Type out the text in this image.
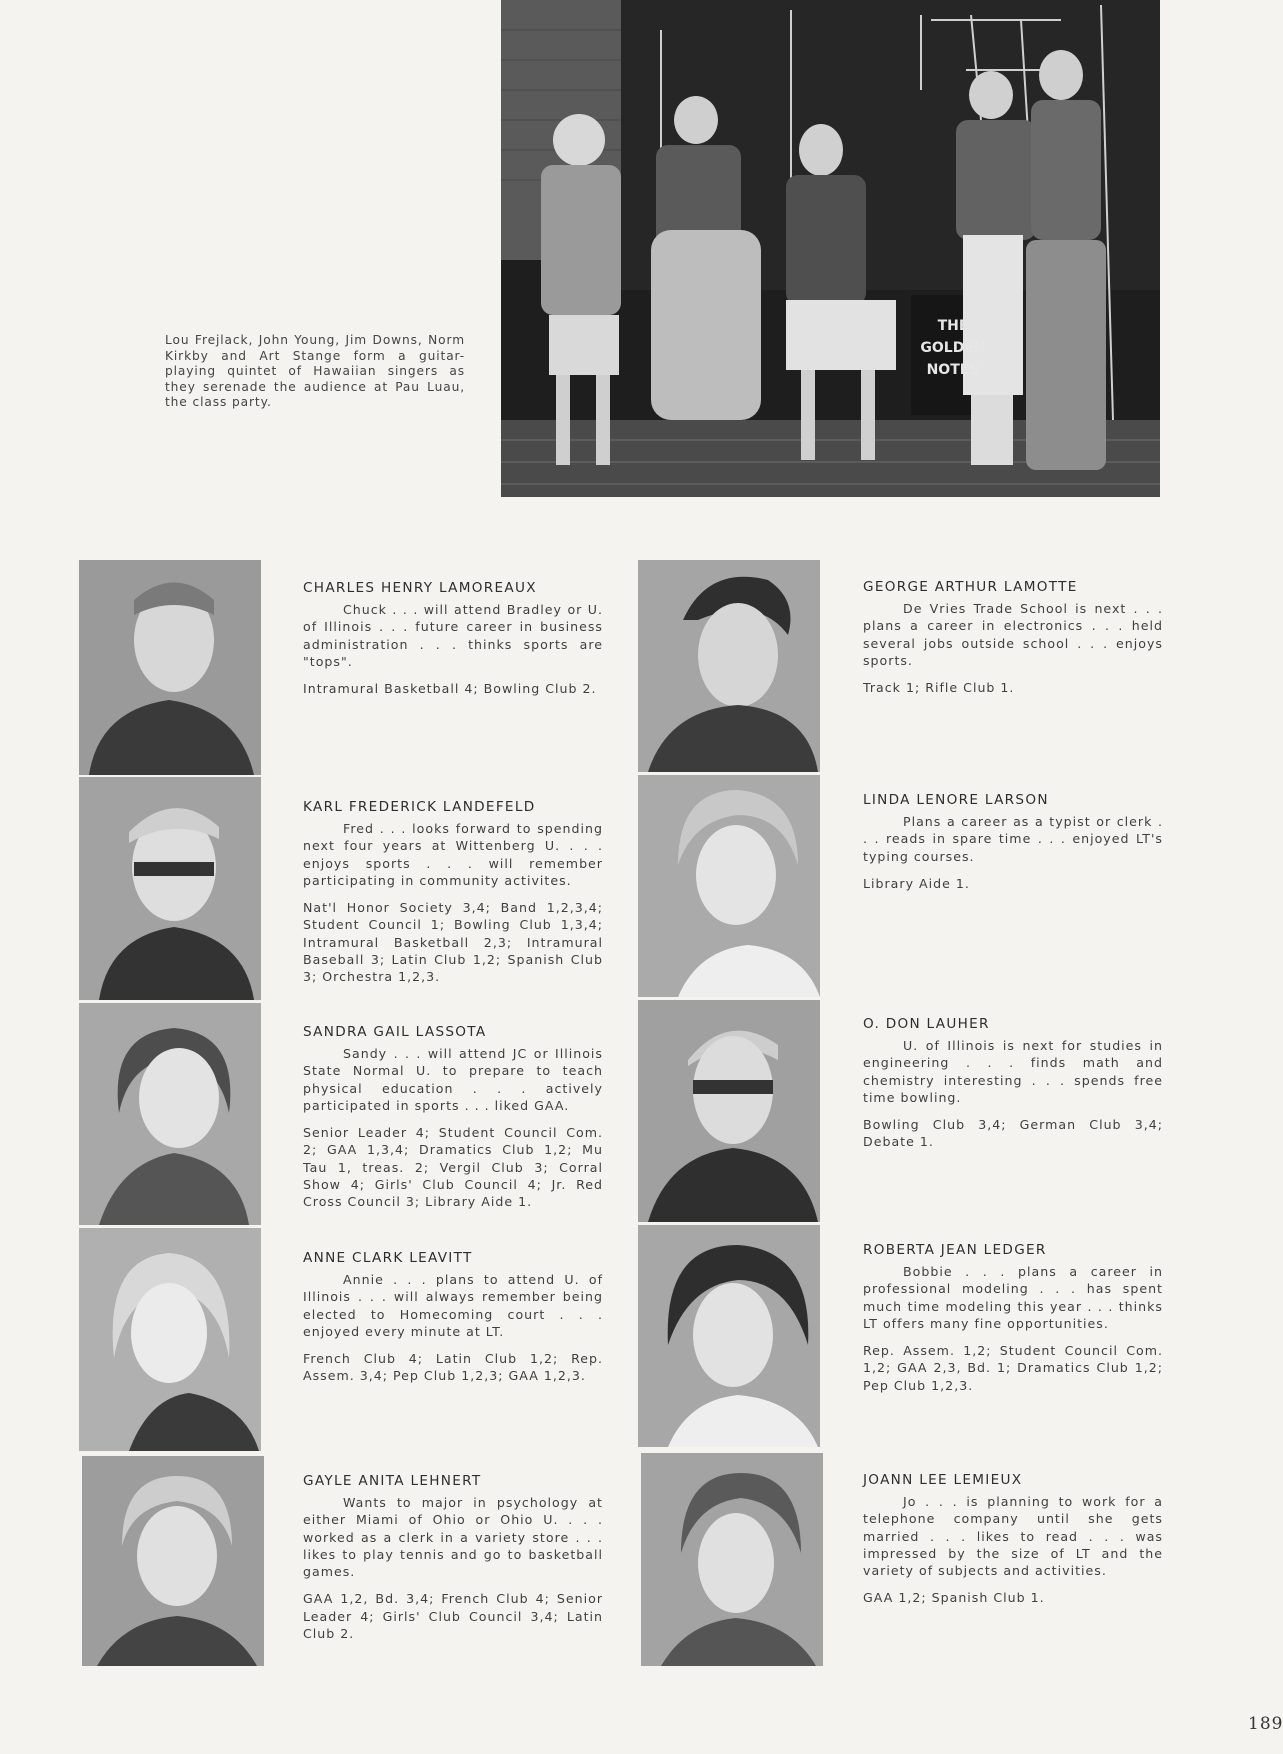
Lou Frejlack, John Young, Jim Downs, Norm Kirkby and Art Stange form a guitar-playing quintet of Hawaiian singers as they serenade the audience at Pau Luau, the class party.
THE
GOLDEN
NOTES

CHARLES HENRY LAMOREAUX

Chuck . . . will attend Bradley or U. of Illinois . . . future career in business administration . . . thinks sports are "tops".

Intramural Basketball 4; Bowling Club 2.

KARL FREDERICK LANDEFELD

Fred . . . looks forward to spending next four years at Wittenberg U. . . . enjoys sports . . . will remember participating in community activites.

Nat'l Honor Society 3,4; Band 1,2,3,4; Student Council 1; Bowling Club 1,3,4; Intramural Basketball 2,3; Intramural Baseball 3; Latin Club 1,2; Spanish Club 3; Orchestra 1,2,3.

SANDRA GAIL LASSOTA

Sandy . . . will attend JC or Illinois State Normal U. to prepare to teach physical education . . . actively participated in sports . . . liked GAA.

Senior Leader 4; Student Council Com. 2; GAA 1,3,4; Dramatics Club 1,2; Mu Tau 1, treas. 2; Vergil Club 3; Corral Show 4; Girls' Club Council 4; Jr. Red Cross Council 3; Library Aide 1.

ANNE CLARK LEAVITT

Annie . . . plans to attend U. of Illinois . . . will always remember being elected to Homecoming court . . . enjoyed every minute at LT.

French Club 4; Latin Club 1,2; Rep. Assem. 3,4; Pep Club 1,2,3; GAA 1,2,3.

GAYLE ANITA LEHNERT

Wants to major in psychology at either Miami of Ohio or Ohio U. . . . worked as a clerk in a variety store . . . likes to play tennis and go to basketball games.

GAA 1,2, Bd. 3,4; French Club 4; Senior Leader 4; Girls' Club Council 3,4; Latin Club 2.

GEORGE ARTHUR LAMOTTE

De Vries Trade School is next . . . plans a career in electronics . . . held several jobs outside school . . . enjoys sports.

Track 1; Rifle Club 1.

LINDA LENORE LARSON

Plans a career as a typist or clerk . . . reads in spare time . . . enjoyed LT's typing courses.

Library Aide 1.

O. DON LAUHER

U. of Illinois is next for studies in engineering . . . finds math and chemistry interesting . . . spends free time bowling.

Bowling Club 3,4; German Club 3,4; Debate 1.

ROBERTA JEAN LEDGER

Bobbie . . . plans a career in professional modeling . . . has spent much time modeling this year . . . thinks LT offers many fine opportunities.

Rep. Assem. 1,2; Student Council Com. 1,2; GAA 2,3, Bd. 1; Dramatics Club 1,2; Pep Club 1,2,3.

JOANN LEE LEMIEUX

Jo . . . is planning to work for a telephone company until she gets married . . . likes to read . . . was impressed by the size of LT and the variety of subjects and activities.

GAA 1,2; Spanish Club 1.

189
